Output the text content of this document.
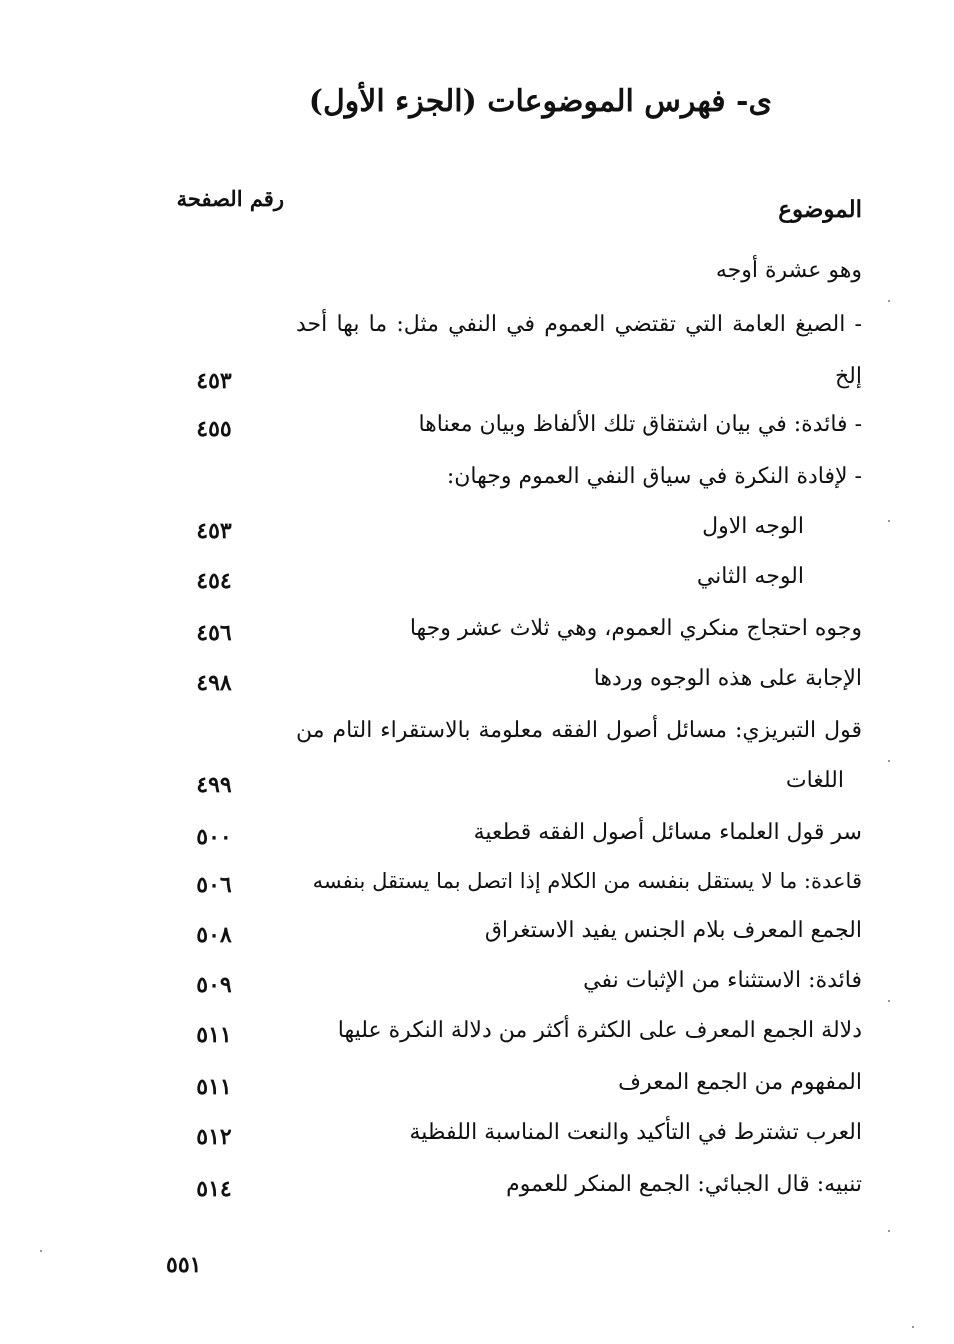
ى- فهرس الموضوعات (الجزء الأول)
الموضوع
رقم الصفحة
وهو عشرة أوجه
- الصيغ العامة التي تقتضي العموم في النفي مثل: ما بها أحد
إلخ
٤٥٣
- فائدة: في بيان اشتقاق تلك الألفاظ وبيان معناها
٤٥٥
- لإفادة النكرة في سياق النفي العموم وجهان:
الوجه الاول
٤٥٣
الوجه الثاني
٤٥٤
وجوه احتجاج منكري العموم، وهي ثلاث عشر وجها
٤٥٦
الإجابة على هذه الوجوه وردها
٤٩٨
قول التبريزي: مسائل أصول الفقه معلومة بالاستقراء التام من
اللغات
٤٩٩
سر قول العلماء مسائل أصول الفقه قطعية
٥٠٠
قاعدة: ما لا يستقل بنفسه من الكلام إذا اتصل بما يستقل بنفسه
٥٠٦
الجمع المعرف بلام الجنس يفيد الاستغراق
٥٠٨
فائدة: الاستثناء من الإثبات نفي
٥٠٩
دلالة الجمع المعرف على الكثرة أكثر من دلالة النكرة عليها
٥١١
المفهوم من الجمع المعرف
٥١١
العرب تشترط في التأكيد والنعت المناسبة اللفظية
٥١٢
تنبيه: قال الجبائي: الجمع المنكر للعموم
٥١٤
٥٥١
